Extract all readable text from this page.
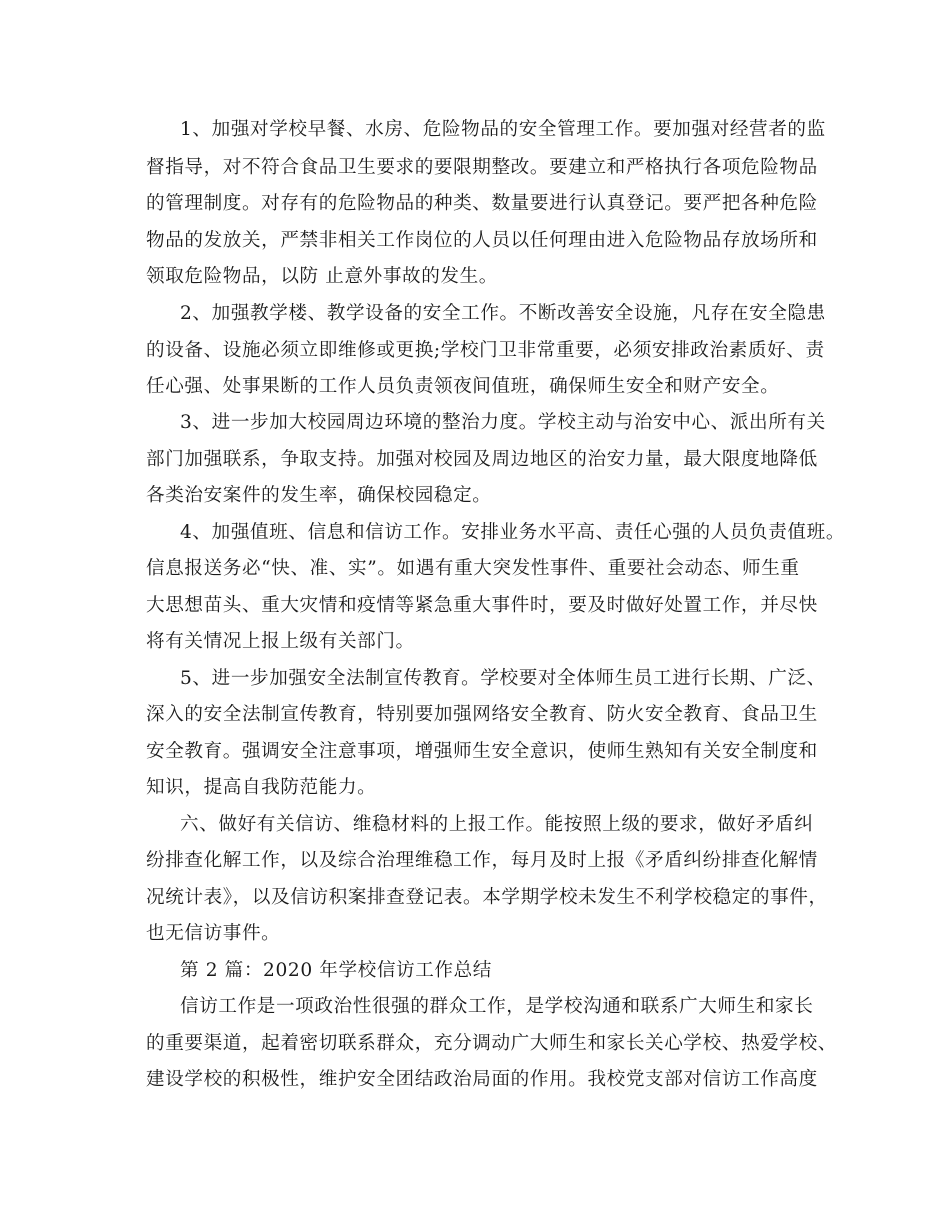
1、加强对学校早餐、水房、危险物品的安全管理工作。要加强对经营者的监
督指导，对不符合食品卫生要求的要限期整改。要建立和严格执行各项危险物品
的管理制度。对存有的危险物品的种类、数量要进行认真登记。要严把各种危险
物品的发放关，严禁非相关工作岗位的人员以任何理由进入危险物品存放场所和
领取危险物品，以防 止意外事故的发生。
2、加强教学楼、教学设备的安全工作。不断改善安全设施，凡存在安全隐患
的设备、设施必须立即维修或更换;学校门卫非常重要，必须安排政治素质好、责
任心强、处事果断的工作人员负责领夜间值班，确保师生安全和财产安全。
3、进一步加大校园周边环境的整治力度。学校主动与治安中心、派出所有关
部门加强联系，争取支持。加强对校园及周边地区的治安力量，最大限度地降低
各类治安案件的发生率，确保校园稳定。
4、加强值班、信息和信访工作。安排业务水平高、责任心强的人员负责值班。
信息报送务必“快、准、实”。如遇有重大突发性事件、重要社会动态、师生重
大思想苗头、重大灾情和疫情等紧急重大事件时，要及时做好处置工作，并尽快
将有关情况上报上级有关部门。
5、进一步加强安全法制宣传教育。学校要对全体师生员工进行长期、广泛、
深入的安全法制宣传教育，特别要加强网络安全教育、防火安全教育、食品卫生
安全教育。强调安全注意事项，增强师生安全意识，使师生熟知有关安全制度和
知识，提高自我防范能力。
六、做好有关信访、维稳材料的上报工作。能按照上级的要求，做好矛盾纠
纷排查化解工作，以及综合治理维稳工作，每月及时上报《矛盾纠纷排查化解情
况统计表》，以及信访积案排查登记表。本学期学校未发生不利学校稳定的事件，
也无信访事件。
第 2 篇：2020 年学校信访工作总结
信访工作是一项政治性很强的群众工作，是学校沟通和联系广大师生和家长
的重要渠道，起着密切联系群众，充分调动广大师生和家长关心学校、热爱学校、
建设学校的积极性，维护安全团结政治局面的作用。我校党支部对信访工作高度
